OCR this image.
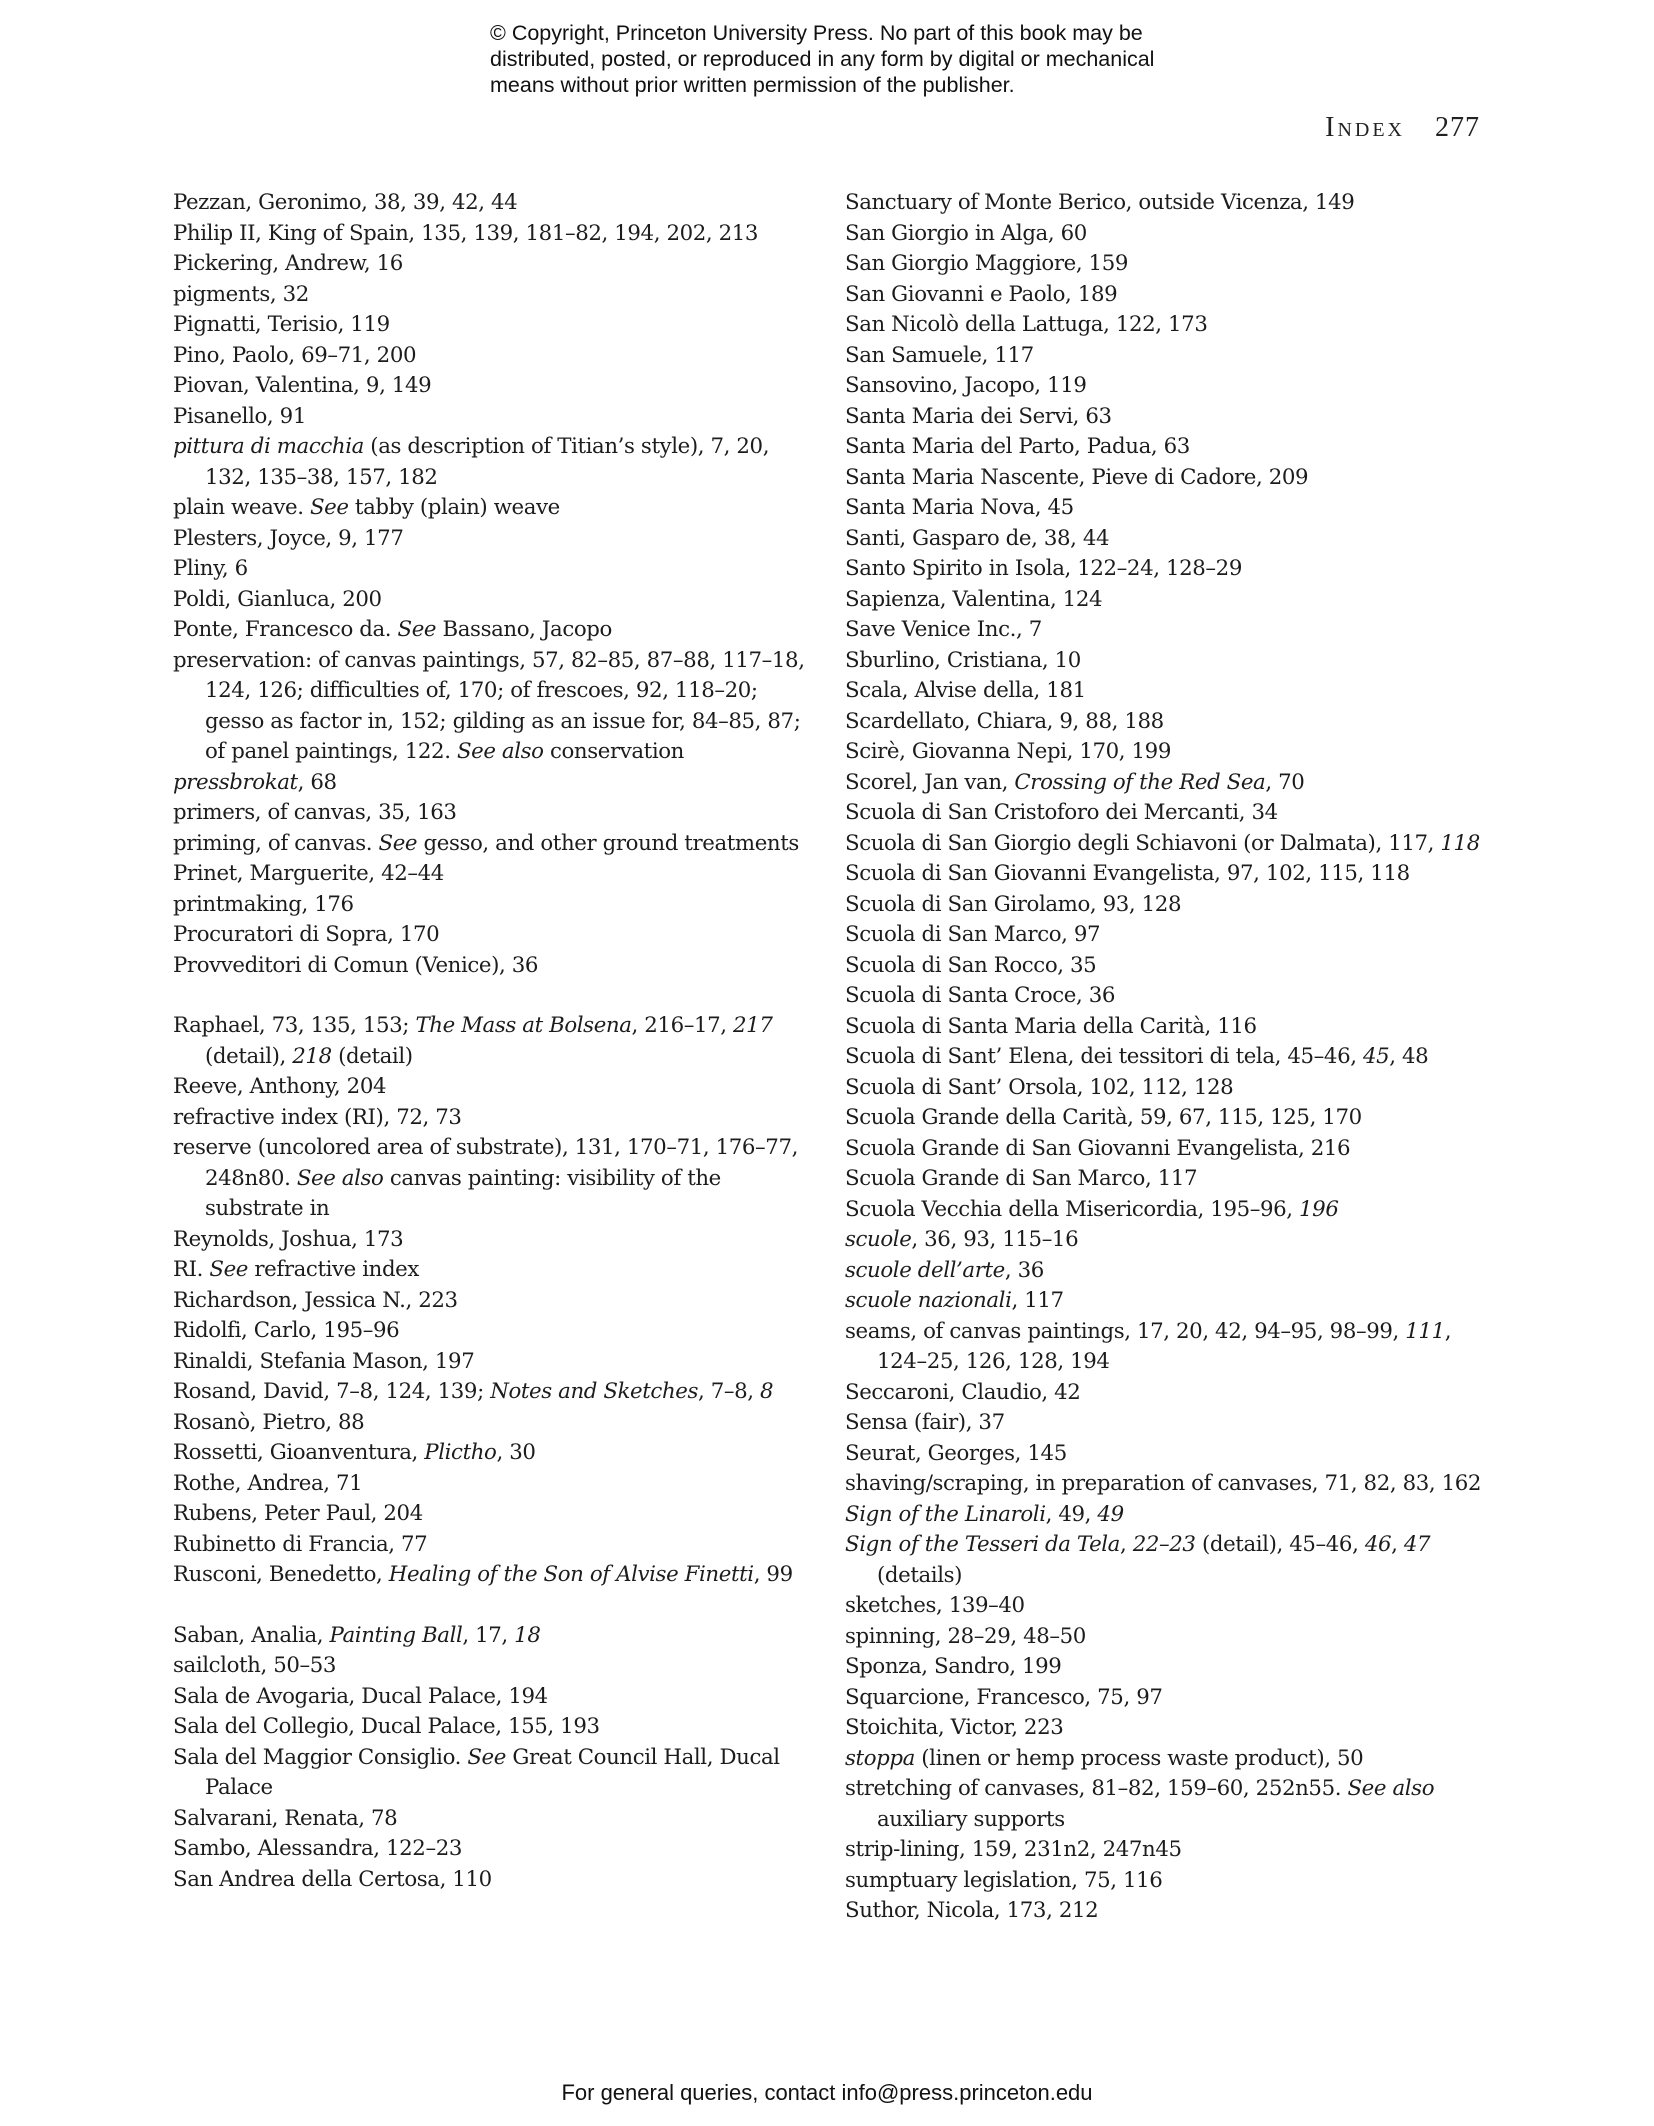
© Copyright, Princeton University Press. No part of this book may be
distributed, posted, or reproduced in any form by digital or mechanical
means without prior written permission of the publisher.
Index 277
Pezzan, Geronimo, 38, 39, 42, 44
Philip II, King of Spain, 135, 139, 181–82, 194, 202, 213
Pickering, Andrew, 16
pigments, 32
Pignatti, Terisio, 119
Pino, Paolo, 69–71, 200
Piovan, Valentina, 9, 149
Pisanello, 91
pittura di macchia (as description of Titian’s style), 7, 20, 132, 135–38, 157, 182
plain weave. See tabby (plain) weave
Plesters, Joyce, 9, 177
Pliny, 6
Poldi, Gianluca, 200
Ponte, Francesco da. See Bassano, Jacopo
preservation: of canvas paintings, 57, 82–85, 87–88, 117–18, 124, 126; difficulties of, 170; of frescoes, 92, 118–20; gesso as factor in, 152; gilding as an issue for, 84–85, 87; of panel paintings, 122. See also conservation
pressbrokat, 68
primers, of canvas, 35, 163
priming, of canvas. See gesso, and other ground treatments
Prinet, Marguerite, 42–44
printmaking, 176
Procuratori di Sopra, 170
Provveditori di Comun (Venice), 36
Raphael, 73, 135, 153; The Mass at Bolsena, 216–17, 217 (detail), 218 (detail)
Reeve, Anthony, 204
refractive index (RI), 72, 73
reserve (uncolored area of substrate), 131, 170–71, 176–77, 248n80. See also canvas painting: visibility of the substrate in
Reynolds, Joshua, 173
RI. See refractive index
Richardson, Jessica N., 223
Ridolfi, Carlo, 195–96
Rinaldi, Stefania Mason, 197
Rosand, David, 7–8, 124, 139; Notes and Sketches, 7–8, 8
Rosanò, Pietro, 88
Rossetti, Gioanventura, Plictho, 30
Rothe, Andrea, 71
Rubens, Peter Paul, 204
Rubinetto di Francia, 77
Rusconi, Benedetto, Healing of the Son of Alvise Finetti, 99
Saban, Analia, Painting Ball, 17, 18
sailcloth, 50–53
Sala de Avogaria, Ducal Palace, 194
Sala del Collegio, Ducal Palace, 155, 193
Sala del Maggior Consiglio. See Great Council Hall, Ducal Palace
Salvarani, Renata, 78
Sambo, Alessandra, 122–23
San Andrea della Certosa, 110
Sanctuary of Monte Berico, outside Vicenza, 149
San Giorgio in Alga, 60
San Giorgio Maggiore, 159
San Giovanni e Paolo, 189
San Nicolò della Lattuga, 122, 173
San Samuele, 117
Sansovino, Jacopo, 119
Santa Maria dei Servi, 63
Santa Maria del Parto, Padua, 63
Santa Maria Nascente, Pieve di Cadore, 209
Santa Maria Nova, 45
Santi, Gasparo de, 38, 44
Santo Spirito in Isola, 122–24, 128–29
Sapienza, Valentina, 124
Save Venice Inc., 7
Sburlino, Cristiana, 10
Scala, Alvise della, 181
Scardellato, Chiara, 9, 88, 188
Scirè, Giovanna Nepi, 170, 199
Scorel, Jan van, Crossing of the Red Sea, 70
Scuola di San Cristoforo dei Mercanti, 34
Scuola di San Giorgio degli Schiavoni (or Dalmata), 117, 118
Scuola di San Giovanni Evangelista, 97, 102, 115, 118
Scuola di San Girolamo, 93, 128
Scuola di San Marco, 97
Scuola di San Rocco, 35
Scuola di Santa Croce, 36
Scuola di Santa Maria della Carità, 116
Scuola di Sant’ Elena, dei tessitori di tela, 45–46, 45, 48
Scuola di Sant’ Orsola, 102, 112, 128
Scuola Grande della Carità, 59, 67, 115, 125, 170
Scuola Grande di San Giovanni Evangelista, 216
Scuola Grande di San Marco, 117
Scuola Vecchia della Misericordia, 195–96, 196
scuole, 36, 93, 115–16
scuole dell’arte, 36
scuole nazionali, 117
seams, of canvas paintings, 17, 20, 42, 94–95, 98–99, 111, 124–25, 126, 128, 194
Seccaroni, Claudio, 42
Sensa (fair), 37
Seurat, Georges, 145
shaving/scraping, in preparation of canvases, 71, 82, 83, 162
Sign of the Linaroli, 49, 49
Sign of the Tesseri da Tela, 22–23 (detail), 45–46, 46, 47 (details)
sketches, 139–40
spinning, 28–29, 48–50
Sponza, Sandro, 199
Squarcione, Francesco, 75, 97
Stoichita, Victor, 223
stoppa (linen or hemp process waste product), 50
stretching of canvases, 81–82, 159–60, 252n55. See also auxiliary supports
strip-lining, 159, 231n2, 247n45
sumptuary legislation, 75, 116
Suthor, Nicola, 173, 212
For general queries, contact info@press.princeton.edu
